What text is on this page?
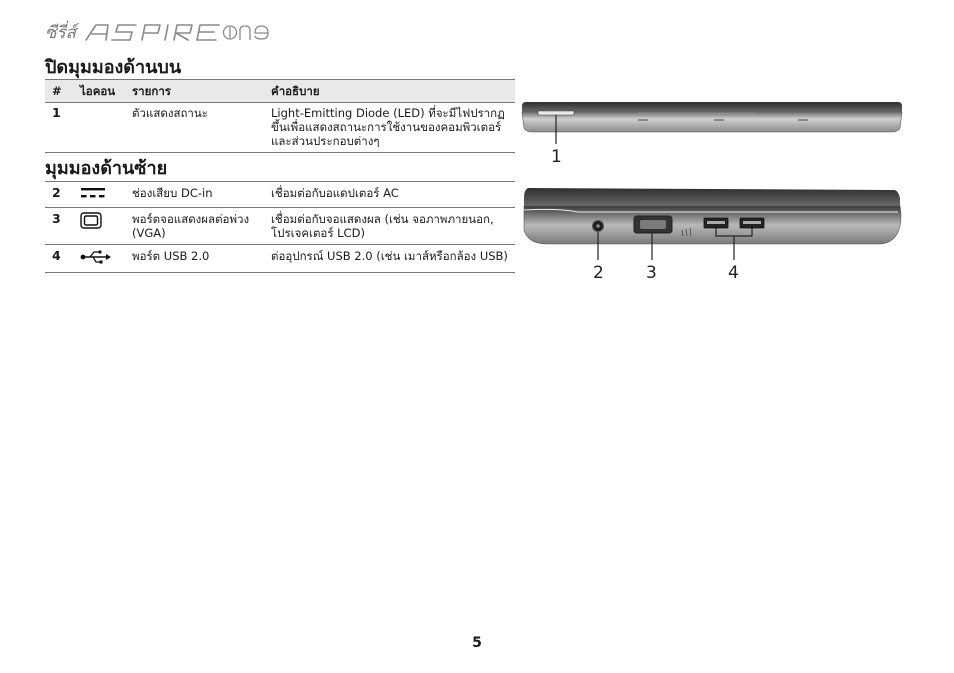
ซีรี่ส์
ปิดมุมมองด้านบน
#	ไอคอน	รายการ	คำอธิบาย
1		ตัวแสดงสถานะ	Light-Emitting Diode (LED) ที่จะมีไฟปรากฏขึ้นเพื่อแสดงสถานะการใช้งานของคอมพิวเตอร์และส่วนประกอบต่างๆ
มุมมองด้านซ้าย
2		ช่องเสียบ DC-in	เชื่อมต่อกับอแดปเตอร์ AC
3		พอร์ตจอแสดงผลต่อพ่วง (VGA)	เชื่อมต่อกับจอแสดงผล (เช่น จอภาพภายนอก, โปรเจคเตอร์ LCD)
4		พอร์ต USB 2.0	ต่ออุปกรณ์ USB 2.0 (เช่น เมาส์หรือกล้อง USB)
1
2 3	4
5
